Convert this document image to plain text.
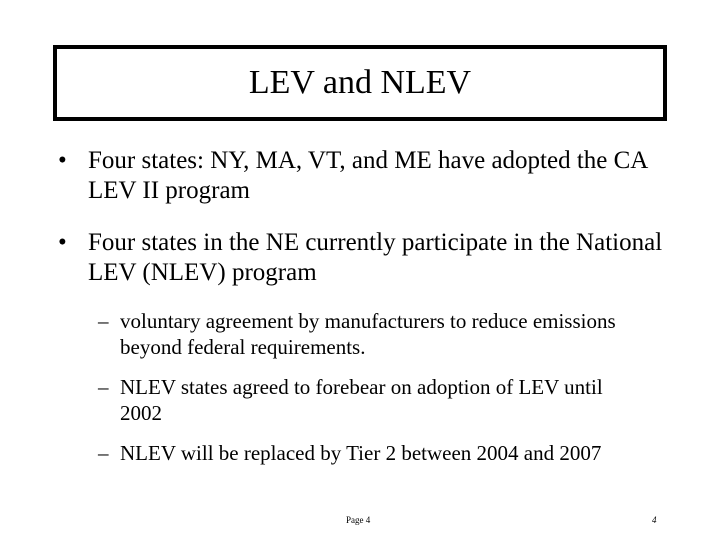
LEV and NLEV
• Four states: NY, MA, VT, and ME have adopted the CA LEV II program
• Four states in the NE currently participate in the National LEV (NLEV) program
– voluntary agreement by manufacturers to reduce emissions beyond federal requirements.
– NLEV states agreed to forebear on adoption of LEV until 2002
– NLEV will be replaced by Tier 2 between 2004 and 2007
Page 4	4
